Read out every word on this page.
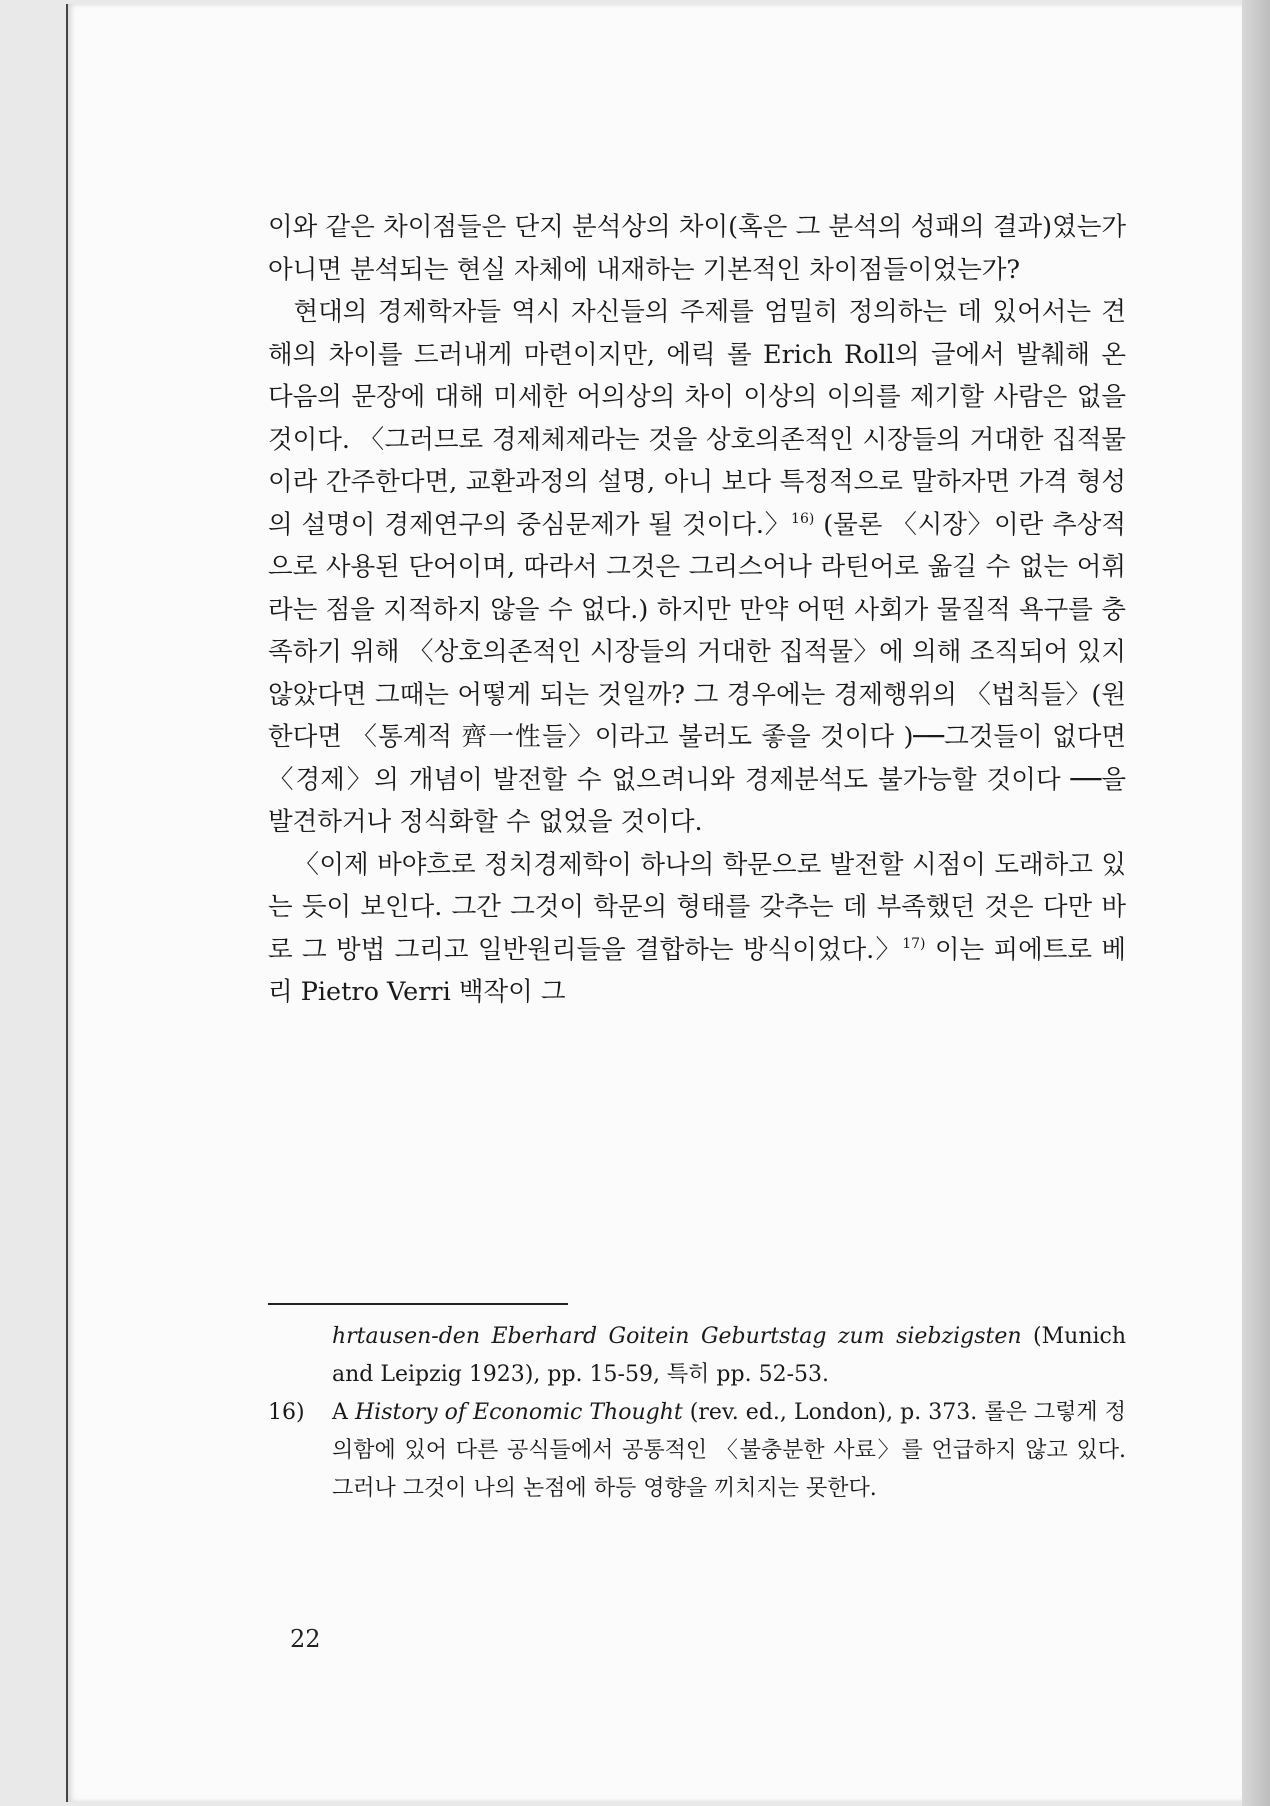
이와 같은 차이점들은 단지 분석상의 차이(혹은 그 분석의 성패의 결과)였는가 아니면 분석되는 현실 자체에 내재하는 기본적인 차이점들이었는가?

현대의 경제학자들 역시 자신들의 주제를 엄밀히 정의하는 데 있어서는 견해의 차이를 드러내게 마련이지만, 에릭 롤 Erich Roll의 글에서 발췌해 온 다음의 문장에 대해 미세한 어의상의 차이 이상의 이의를 제기할 사람은 없을 것이다. 〈그러므로 경제체제라는 것을 상호의존적인 시장들의 거대한 집적물이라 간주한다면, 교환과정의 설명, 아니 보다 특정적으로 말하자면 가격 형성의 설명이 경제연구의 중심문제가 될 것이다.〉$^{16)}$ (물론 〈시장〉이란 추상적으로 사용된 단어이며, 따라서 그것은 그리스어나 라틴어로 옮길 수 없는 어휘라는 점을 지적하지 않을 수 없다.) 하지만 만약 어떤 사회가 물질적 욕구를 충족하기 위해 〈상호의존적인 시장들의 거대한 집적물〉에 의해 조직되어 있지 않았다면 그때는 어떻게 되는 것일까? 그 경우에는 경제행위의 〈법칙들〉(원한다면 〈통계적 齊一性들〉이라고 불러도 좋을 것이다 )──그것들이 없다면 〈경제〉의 개념이 발전할 수 없으려니와 경제분석도 불가능할 것이다 ──을 발견하거나 정식화할 수 없었을 것이다.

〈이제 바야흐로 정치경제학이 하나의 학문으로 발전할 시점이 도래하고 있는 듯이 보인다. 그간 그것이 학문의 형태를 갖추는 데 부족했던 것은 다만 바로 그 방법 그리고 일반원리들을 결합하는 방식이었다.〉$^{17)}$ 이는 피에트로 베리 Pietro Verri 백작이 그

hrtausen-den Eberhard Goitein Geburtstag zum siebzigsten (Munich and Leipzig 1923), pp. 15-59, 특히 pp. 52-53.
16)	A History of Economic Thought (rev. ed., London), p. 373. 롤은 그렇게 정의함에 있어 다른 공식들에서 공통적인 〈불충분한 사료〉를 언급하지 않고 있다. 그러나 그것이 나의 논점에 하등 영향을 끼치지는 못한다.
22
